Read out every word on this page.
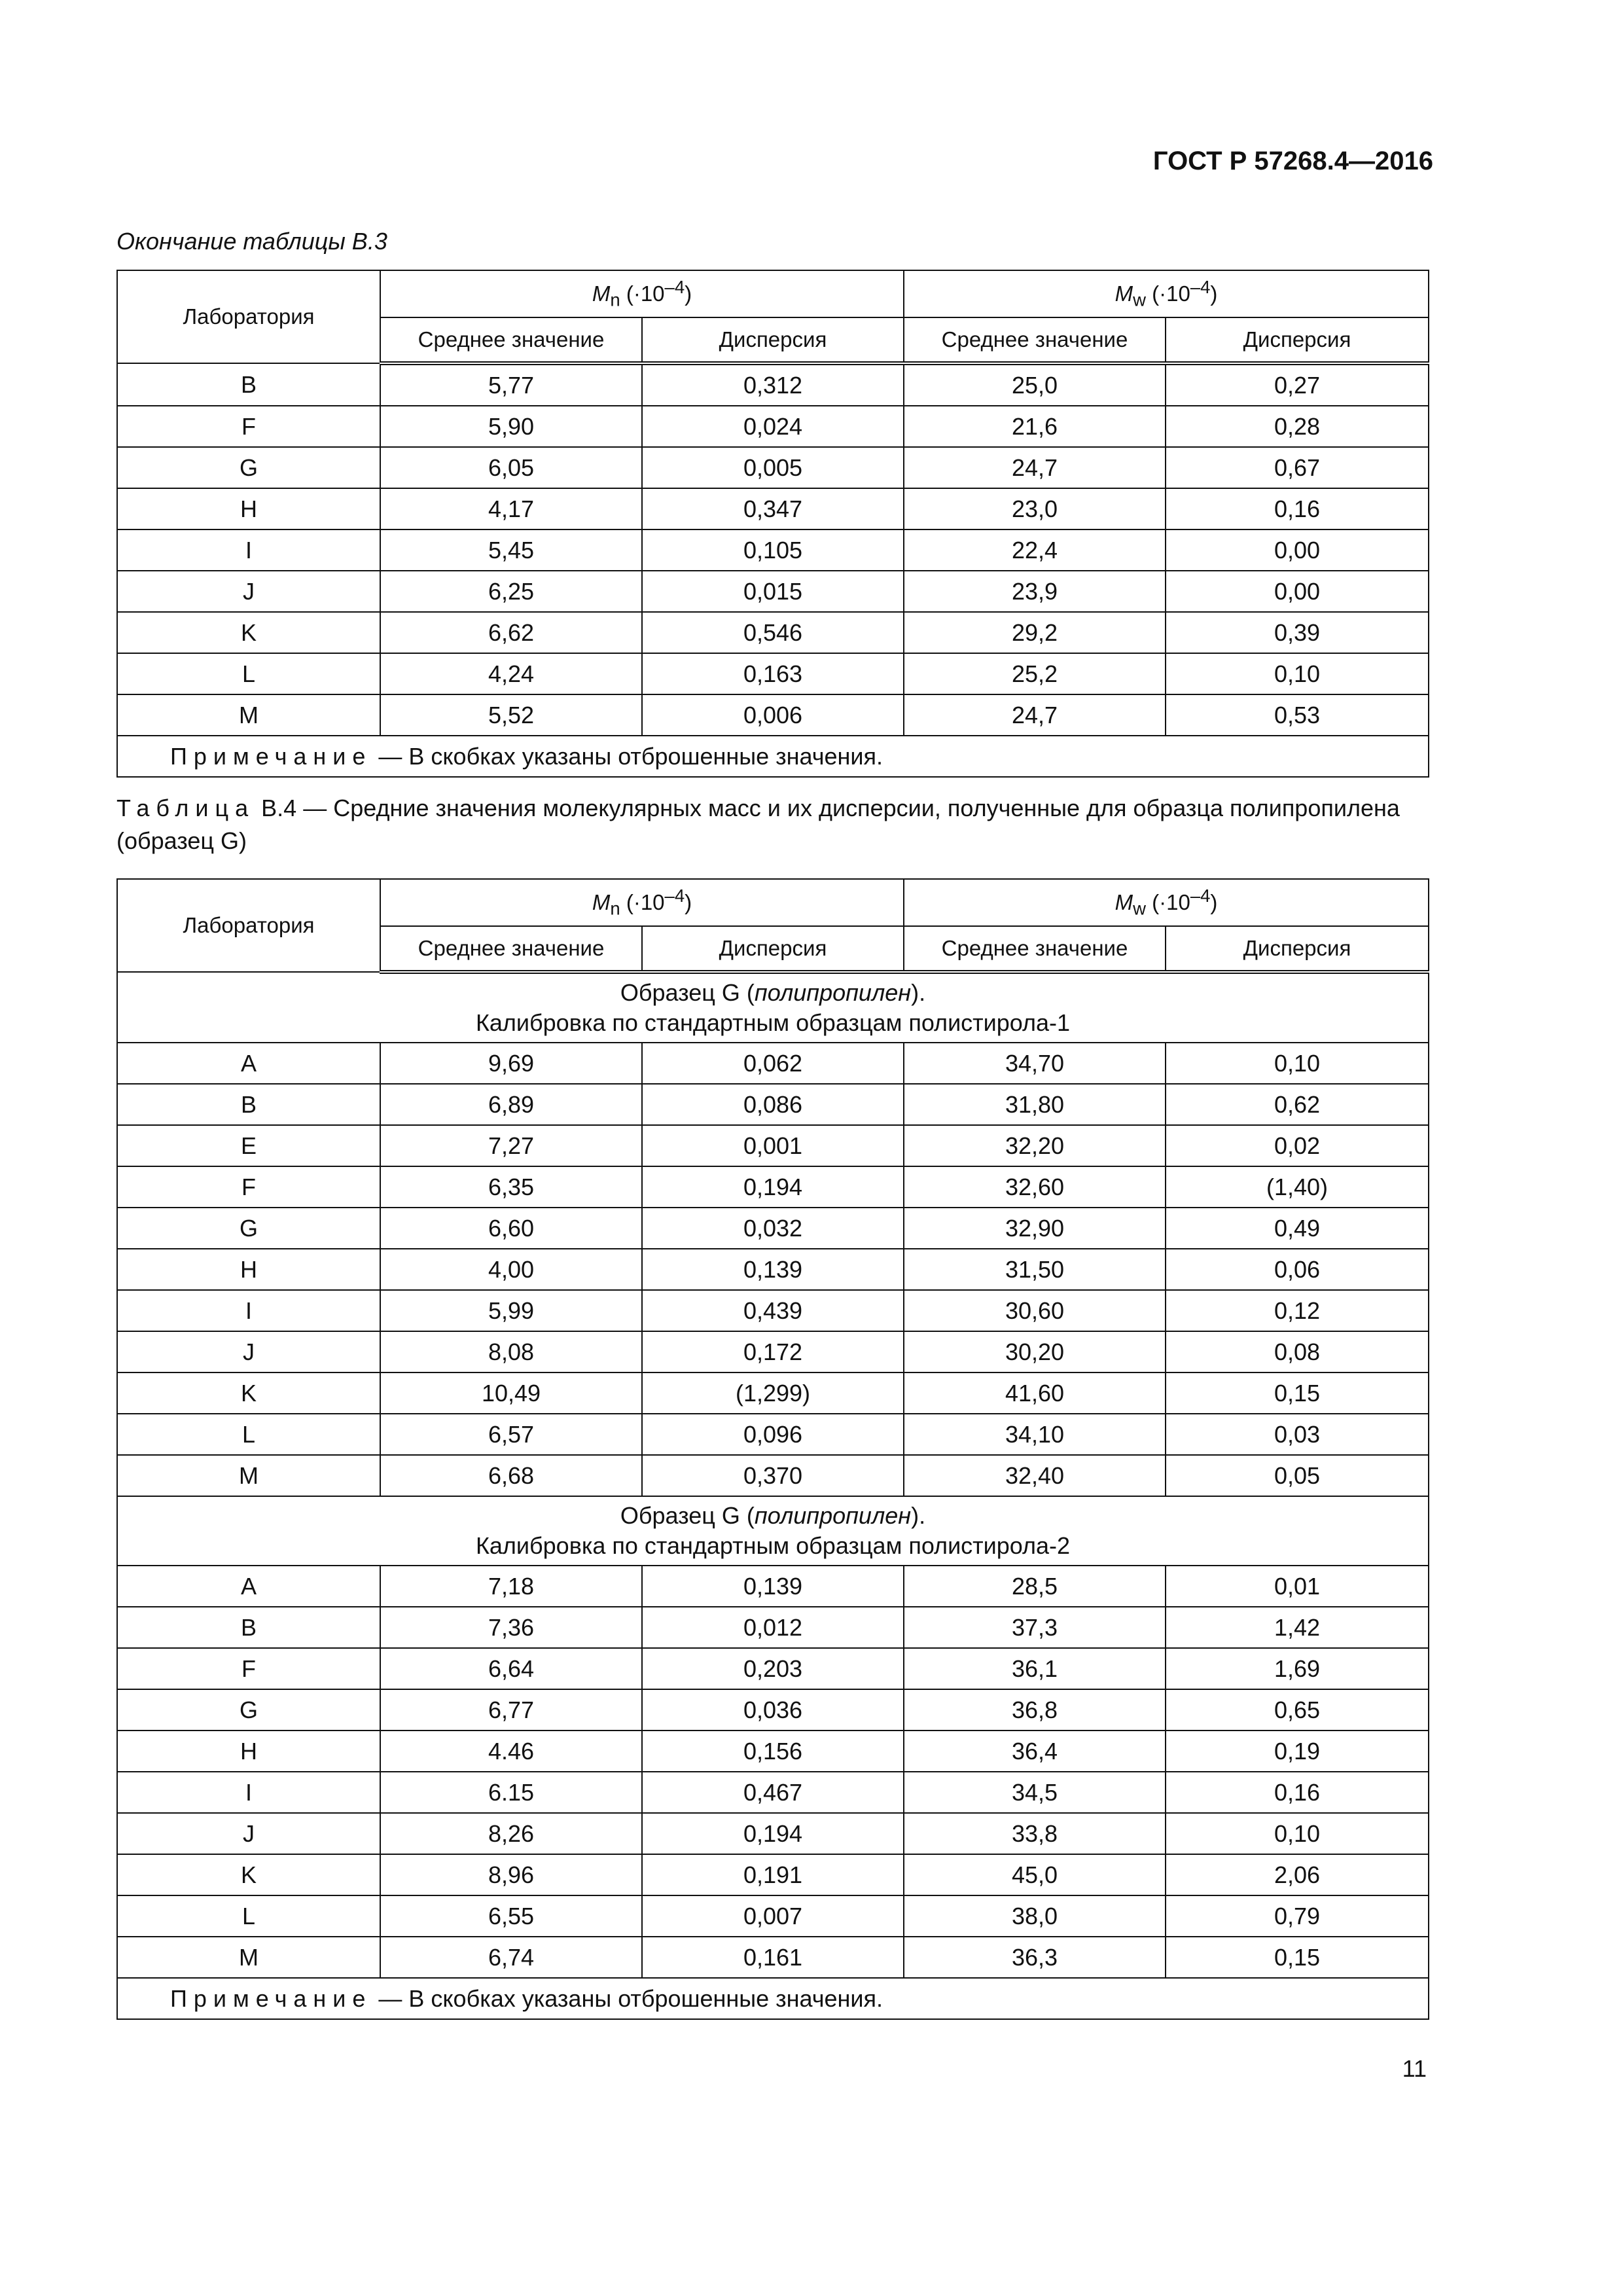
ГОСТ Р 57268.4—2016
Окончание таблицы В.3
Лаборатория	$M_n$ $(\cdot 10^{-4})$		$M_w$ $(\cdot 10^{-4})$	
	Среднее значение	Дисперсия	Среднее значение	Дисперсия
B	5,77	0,312	25,0	0,27
F	5,90	0,024	21,6	0,28
G	6,05	0,005	24,7	0,67
H	4,17	0,347	23,0	0,16
I	5,45	0,105	22,4	0,00
J	6,25	0,015	23,9	0,00
K	6,62	0,546	29,2	0,39
L	4,24	0,163	25,2	0,10
M	5,52	0,006	24,7	0,53
Примечание — В скобках указаны отброшенные значения.				
Таблица В.4 — Средние значения молекулярных масс и их дисперсии, полученные для образца полипропилена (образец G)
Лаборатория	$M_n$ $(\cdot 10^{-4})$		$M_w$ $(\cdot 10^{-4})$	
	Среднее значение	Дисперсия	Среднее значение	Дисперсия
Образец G (полипропилен).
Калибровка по стандартным образцам полистирола-1				
A	9,69	0,062	34,70	0,10
B	6,89	0,086	31,80	0,62
E	7,27	0,001	32,20	0,02
F	6,35	0,194	32,60	(1,40)
G	6,60	0,032	32,90	0,49
H	4,00	0,139	31,50	0,06
I	5,99	0,439	30,60	0,12
J	8,08	0,172	30,20	0,08
K	10,49	(1,299)	41,60	0,15
L	6,57	0,096	34,10	0,03
M	6,68	0,370	32,40	0,05
Образец G (полипропилен).
Калибровка по стандартным образцам полистирола-2				
A	7,18	0,139	28,5	0,01
B	7,36	0,012	37,3	1,42
F	6,64	0,203	36,1	1,69
G	6,77	0,036	36,8	0,65
H	4.46	0,156	36,4	0,19
I	6.15	0,467	34,5	0,16
J	8,26	0,194	33,8	0,10
K	8,96	0,191	45,0	2,06
L	6,55	0,007	38,0	0,79
M	6,74	0,161	36,3	0,15
Примечание — В скобках указаны отброшенные значения.				
11
